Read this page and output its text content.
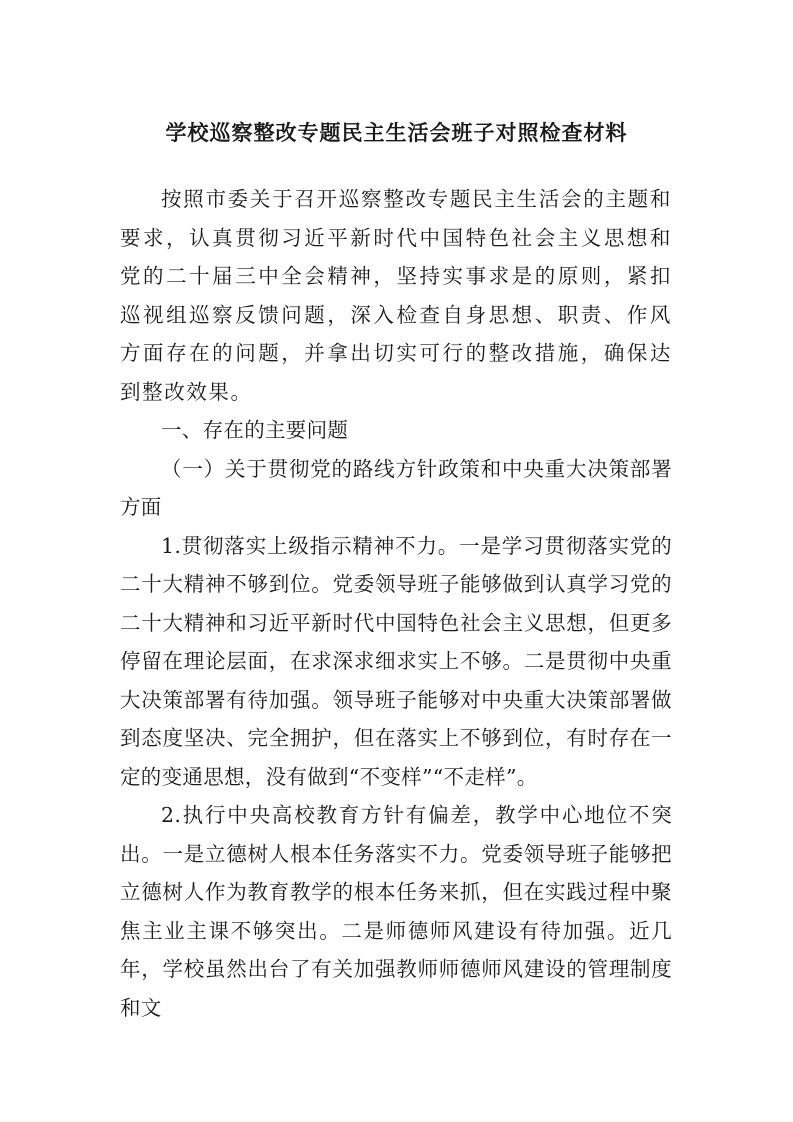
学校巡察整改专题民主生活会班子对照检查材料

按照市委关于召开巡察整改专题民主生活会的主题和要求，认真贯彻习近平新时代中国特色社会主义思想和党的二十届三中全会精神，坚持实事求是的原则，紧扣巡视组巡察反馈问题，深入检查自身思想、职责、作风方面存在的问题，并拿出切实可行的整改措施，确保达到整改效果。

一、存在的主要问题

（一）关于贯彻党的路线方针政策和中央重大决策部署方面

1.贯彻落实上级指示精神不力。一是学习贯彻落实党的二十大精神不够到位。党委领导班子能够做到认真学习党的二十大精神和习近平新时代中国特色社会主义思想，但更多停留在理论层面，在求深求细求实上不够。二是贯彻中央重大决策部署有待加强。领导班子能够对中央重大决策部署做到态度坚决、完全拥护，但在落实上不够到位，有时存在一定的变通思想，没有做到“不变样”“不走样”。

2.执行中央高校教育方针有偏差，教学中心地位不突出。一是立德树人根本任务落实不力。党委领导班子能够把立德树人作为教育教学的根本任务来抓，但在实践过程中聚焦主业主课不够突出。二是师德师风建设有待加强。近几年，学校虽然出台了有关加强教师师德师风建设的管理制度和文
